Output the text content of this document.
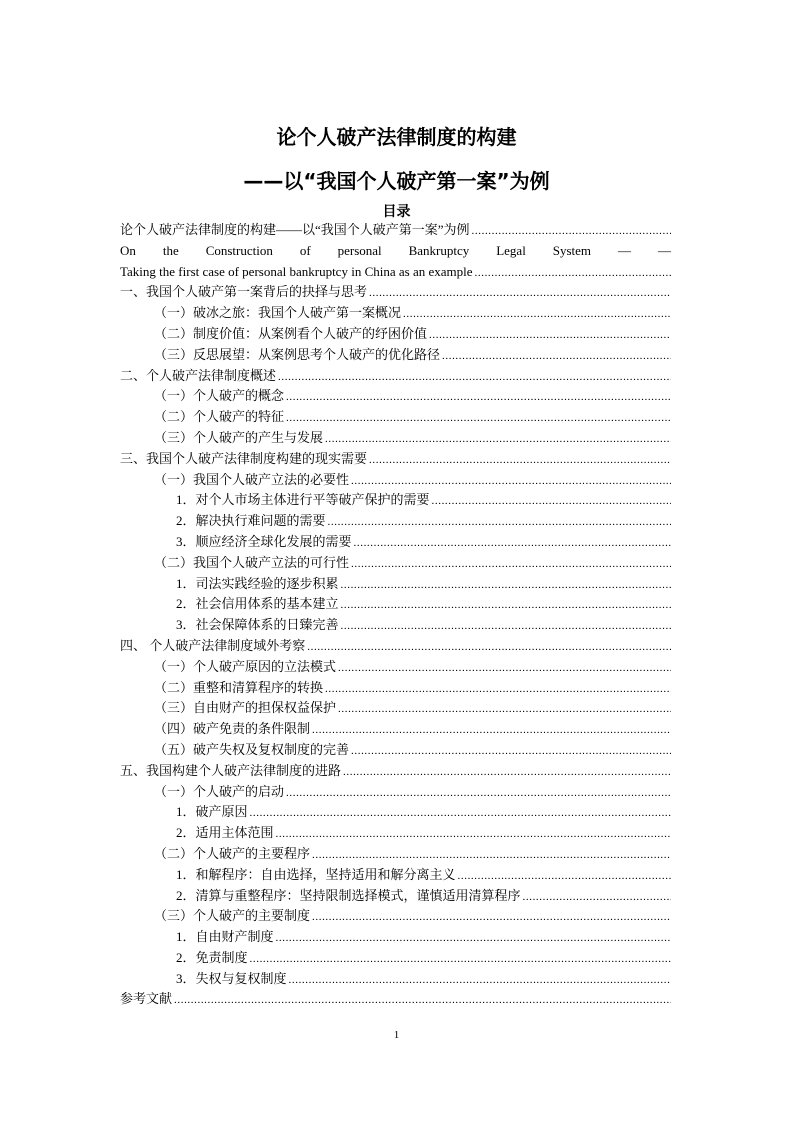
论个人破产法律制度的构建
——以“我国个人破产第一案”为例
目录
论个人破产法律制度的构建——以“我国个人破产第一案”为例
.....
On the Construction of personal Bankruptcy Legal System — —
Taking the first case of personal bankruptcy in China as an example
.....
一、我国个人破产第一案背后的抉择与思考
.....
（一）破冰之旅：我国个人破产第一案概况
.....
（二）制度价值：从案例看个人破产的纾困价值
.....
（三）反思展望：从案例思考个人破产的优化路径
.....
二、个人破产法律制度概述
.....
（一）个人破产的概念
.....
（二）个人破产的特征
.....
（三）个人破产的产生与发展
.....
三、我国个人破产法律制度构建的现实需要
.....
（一）我国个人破产立法的必要性
.....
1．对个人市场主体进行平等破产保护的需要
.....
2．解决执行难问题的需要
.....
3．顺应经济全球化发展的需要
.....
（二）我国个人破产立法的可行性
.....
1．司法实践经验的逐步积累
.....
2．社会信用体系的基本建立
.....
3．社会保障体系的日臻完善
.....
四、 个人破产法律制度域外考察
.....
（一）个人破产原因的立法模式
.....
（二）重整和清算程序的转换
.....
（三）自由财产的担保权益保护
.....
（四）破产免责的条件限制
.....
（五）破产失权及复权制度的完善
.....
五、我国构建个人破产法律制度的进路
.....
（一）个人破产的启动
.....
1．破产原因
.....
2．适用主体范围
.....
（二）个人破产的主要程序
.....
1．和解程序：自由选择，坚持适用和解分离主义
.....
2．清算与重整程序：坚持限制选择模式，谨慎适用清算程序
.....
（三）个人破产的主要制度
.....
1．自由财产制度
.....
2．免责制度
.....
3．失权与复权制度
.....
参考文献
.....
1
